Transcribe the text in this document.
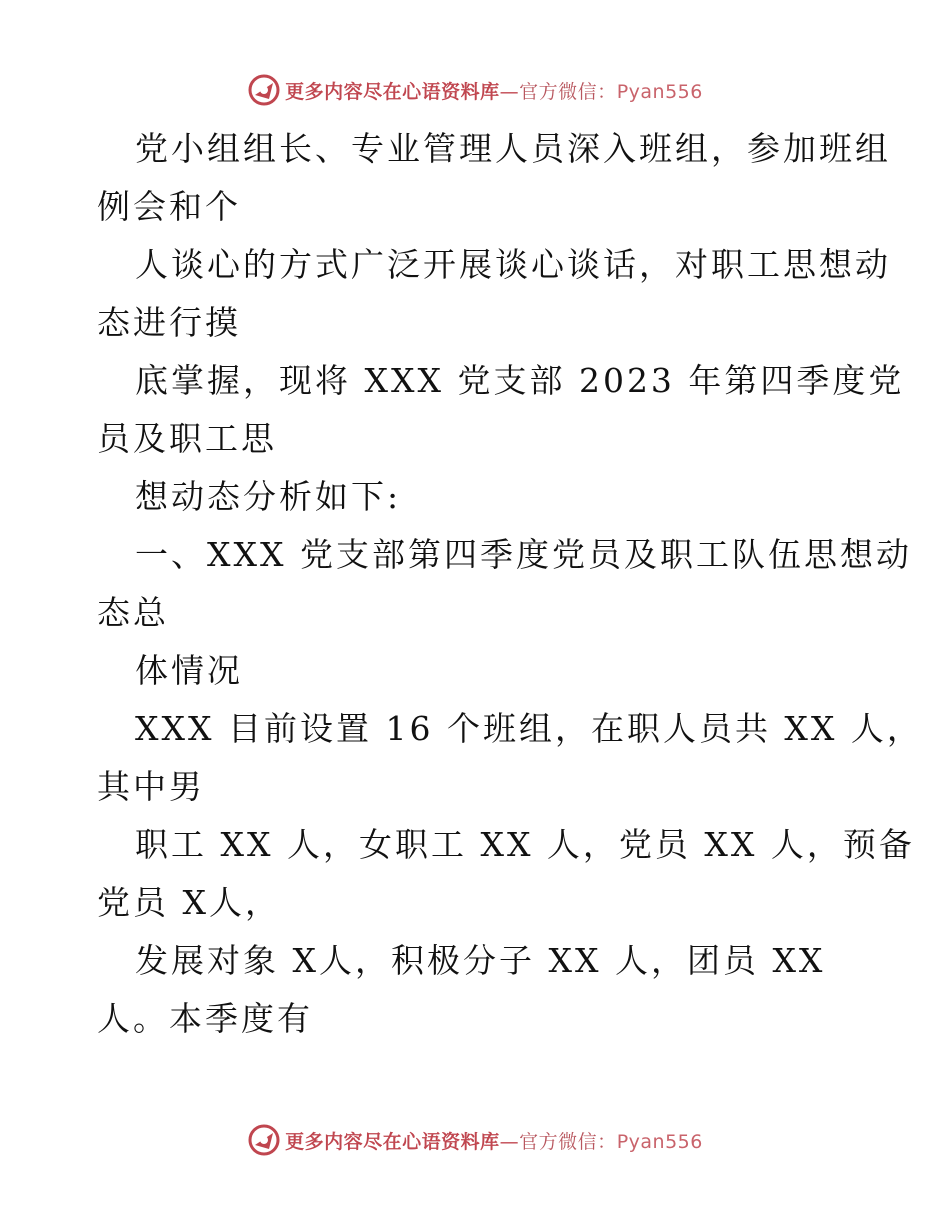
更多内容尽在心语资料库—官方微信：Pyan556
党小组组长、专业管理人员深入班组，参加班组
例会和个
人谈心的方式广泛开展谈心谈话，对职工思想动
态进行摸
底掌握，现将 XXX 党支部 2023 年第四季度党
员及职工思
想动态分析如下:
一、XXX 党支部第四季度党员及职工队伍思想动
态总
体情况
XXX 目前设置 16 个班组，在职人员共 XX 人，
其中男
职工 XX 人，女职工 XX 人，党员 XX 人，预备
党员 X人，
发展对象 X人，积极分子 XX 人，团员 XX
人。本季度有
更多内容尽在心语资料库—官方微信：Pyan556
